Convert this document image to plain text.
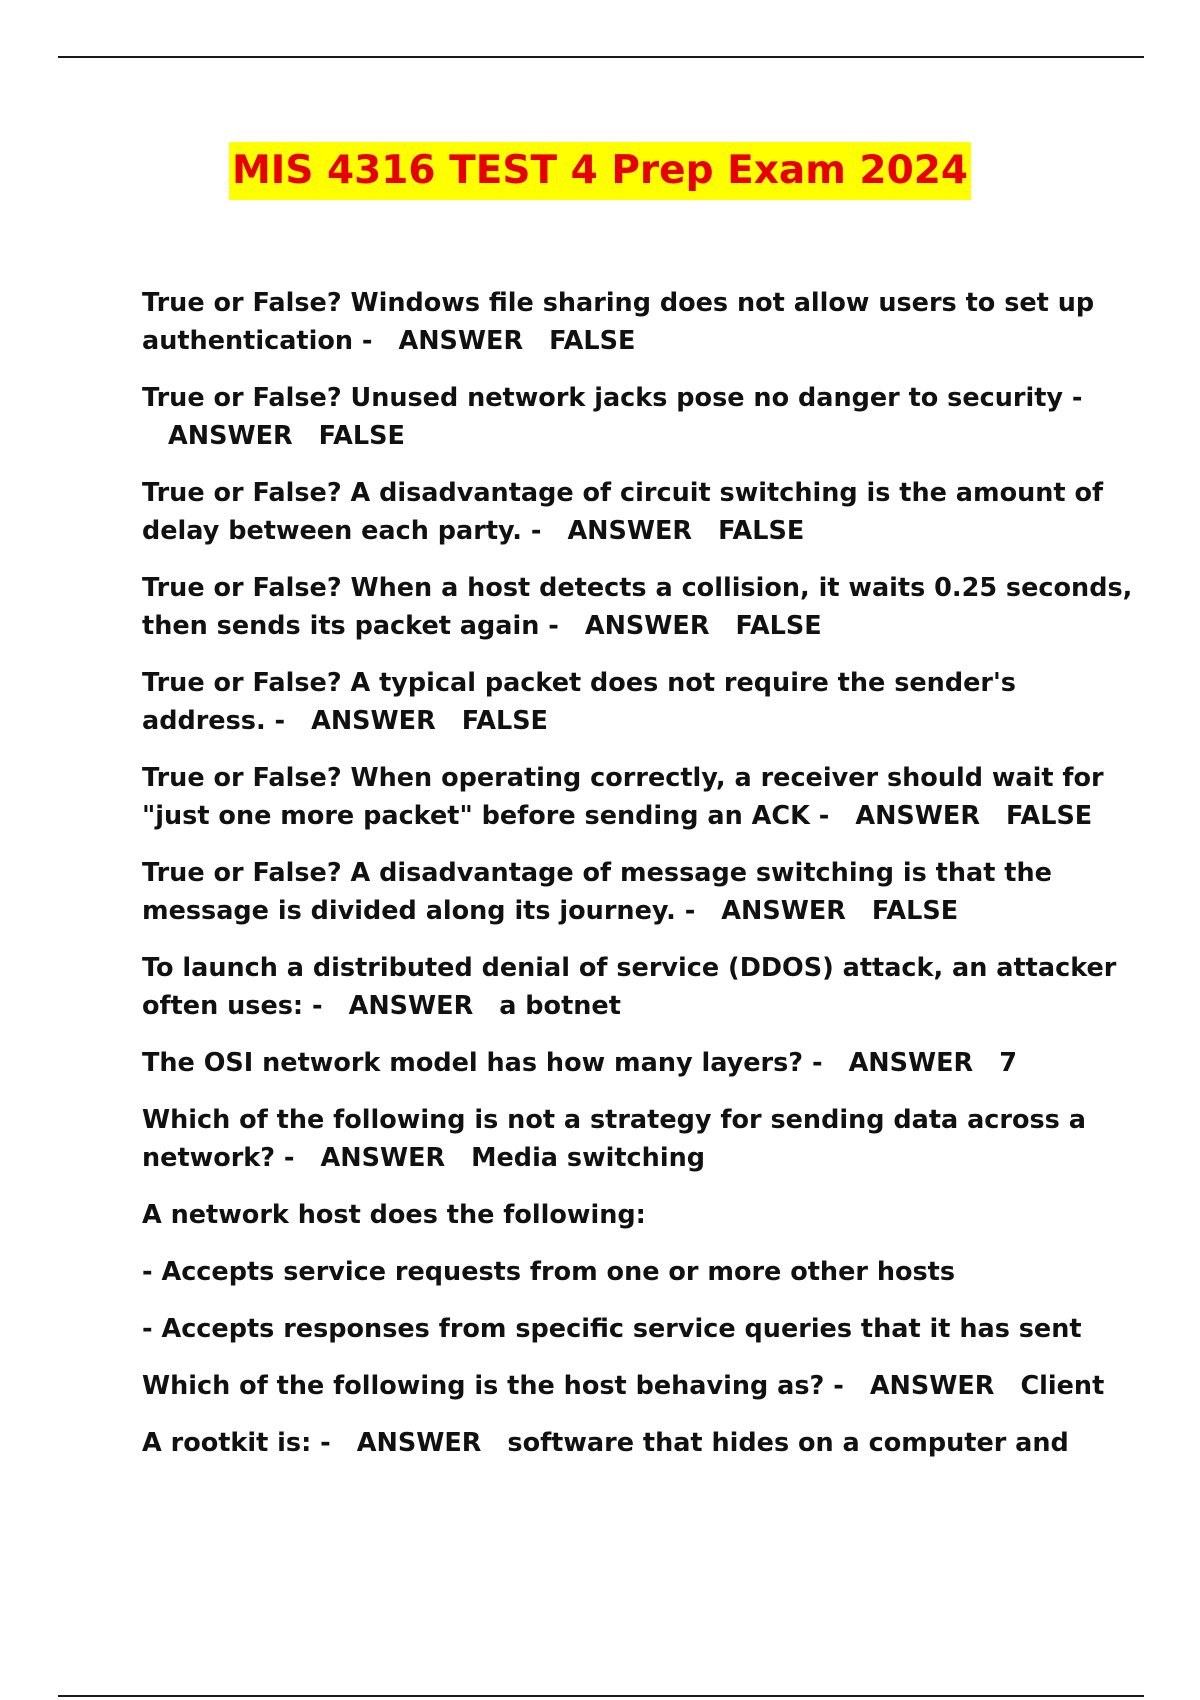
MIS 4316 TEST 4 Prep Exam 2024
True or False? Windows file sharing does not allow users to set up authentication - ANSWER FALSE
True or False? Unused network jacks pose no danger to security -ANSWER FALSE
True or False? A disadvantage of circuit switching is the amount of delay between each party. - ANSWER FALSE
True or False? When a host detects a collision, it waits 0.25 seconds, then sends its packet again - ANSWER FALSE
True or False? A typical packet does not require the sender's address. - ANSWER FALSE
True or False? When operating correctly, a receiver should wait for "just one more packet" before sending an ACK - ANSWER FALSE
True or False? A disadvantage of message switching is that the message is divided along its journey. - ANSWER FALSE
To launch a distributed denial of service (DDOS) attack, an attacker often uses: - ANSWER a botnet
The OSI network model has how many layers? - ANSWER 7
Which of the following is not a strategy for sending data across a network? - ANSWER Media switching
A network host does the following:
- Accepts service requests from one or more other hosts
- Accepts responses from specific service queries that it has sent
Which of the following is the host behaving as? - ANSWER Client
A rootkit is: - ANSWER software that hides on a computer and
